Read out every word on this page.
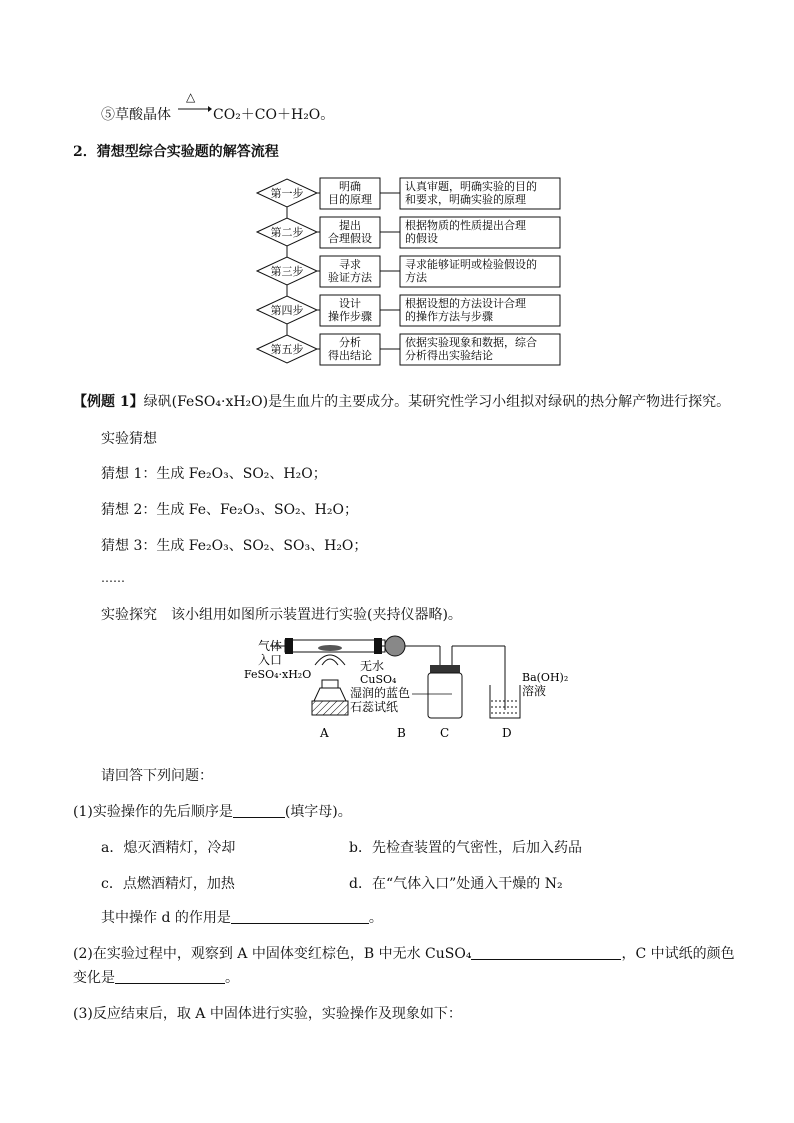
⑤草酸晶体
△
CO₂＋CO＋H₂O。
2．猜想型综合实验题的解答流程
第一步
明确
目的原理
认真审题，明确实验的目的
和要求，明确实验的原理
第二步
提出
合理假设
根据物质的性质提出合理
的假设
第三步
寻求
验证方法
寻求能够证明或检验假设的
方法
第四步
设计
操作步骤
根据设想的方法设计合理
的操作方法与步骤
第五步
分析
得出结论
依据实验现象和数据，综合
分析得出实验结论
【例题 1】绿矾(FeSO₄·xH₂O)是生血片的主要成分。某研究性学习小组拟对绿矾的热分解产物进行探究。
实验猜想
猜想 1：生成 Fe₂O₃、SO₂、H₂O；
猜想 2：生成 Fe、Fe₂O₃、SO₂、H₂O；
猜想 3：生成 Fe₂O₃、SO₂、SO₃、H₂O；
……
实验探究　该小组用如图所示装置进行实验(夹持仪器略)。
气体
入口
FeSO₄·xH₂O
无水
CuSO₄
湿润的蓝色
石蕊试纸
Ba(OH)₂
溶液
A	B	C	D
请回答下列问题：
(1)实验操作的先后顺序是	(填字母)。
a．熄灭酒精灯，冷却	b．先检查装置的气密性，后加入药品
c．点燃酒精灯，加热	d．在“气体入口”处通入干燥的 N₂
其中操作 d 的作用是	。
(2)在实验过程中，观察到 A 中固体变红棕色，B 中无水 CuSO₄	，C 中试纸的颜色
变化是	。
(3)反应结束后，取 A 中固体进行实验，实验操作及现象如下：
